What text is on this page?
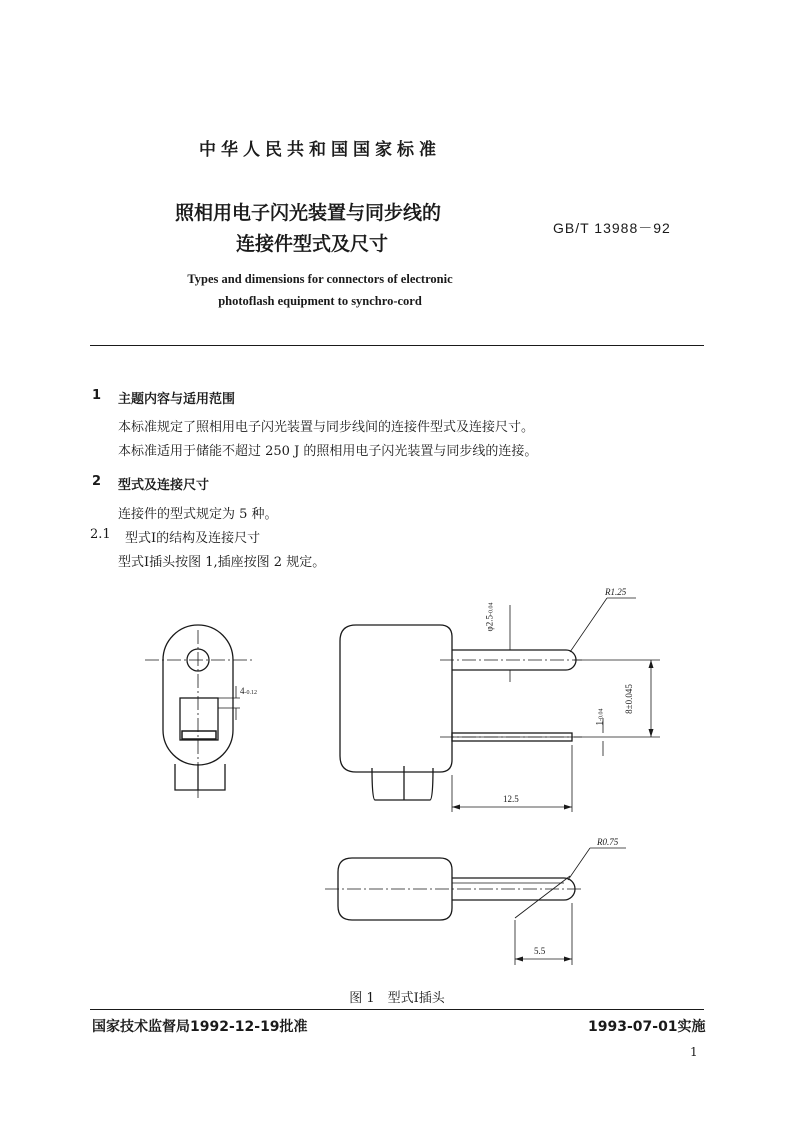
中华人民共和国国家标准
照相用电子闪光装置与同步线的
连接件型式及尺寸
GB/T 13988－92
Types and dimensions for connectors of electronic
photoflash equipment to synchro-cord
1 主题内容与适用范围
本标准规定了照相用电子闪光装置与同步线间的连接件型式及连接尺寸。
本标准适用于储能不超过 250 J 的照相用电子闪光装置与同步线的连接。
2 型式及连接尺寸
连接件的型式规定为 5 种。
2.1 型式Ⅰ的结构及连接尺寸
型式Ⅰ插头按图 1,插座按图 2 规定。
R1.25
φ2.5-0.04
4-0.12	8±0.045
1-0.04
12.5
R0.75
5.5
图 1　型式Ⅰ插头
国家技术监督局1992-12-19批准	1993-07-01实施
1
